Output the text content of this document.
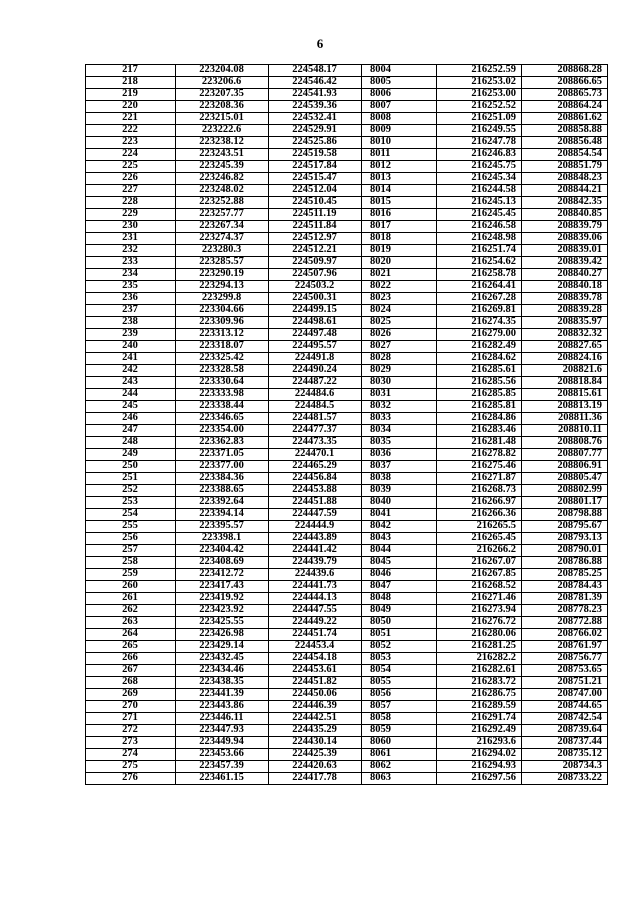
6
217	223204.08	224548.17	8004	216252.59	208868.28
218	223206.6	224546.42	8005	216253.02	208866.65
219	223207.35	224541.93	8006	216253.00	208865.73
220	223208.36	224539.36	8007	216252.52	208864.24
221	223215.01	224532.41	8008	216251.09	208861.62
222	223222.6	224529.91	8009	216249.55	208858.88
223	223238.12	224525.86	8010	216247.78	208856.48
224	223243.51	224519.58	8011	216246.83	208854.54
225	223245.39	224517.84	8012	216245.75	208851.79
226	223246.82	224515.47	8013	216245.34	208848.23
227	223248.02	224512.04	8014	216244.58	208844.21
228	223252.88	224510.45	8015	216245.13	208842.35
229	223257.77	224511.19	8016	216245.45	208840.85
230	223267.34	224511.84	8017	216246.58	208839.79
231	223274.37	224512.97	8018	216248.98	208839.06
232	223280.3	224512.21	8019	216251.74	208839.01
233	223285.57	224509.97	8020	216254.62	208839.42
234	223290.19	224507.96	8021	216258.78	208840.27
235	223294.13	224503.2	8022	216264.41	208840.18
236	223299.8	224500.31	8023	216267.28	208839.78
237	223304.66	224499.15	8024	216269.81	208839.28
238	223309.96	224498.61	8025	216274.35	208835.97
239	223313.12	224497.48	8026	216279.00	208832.32
240	223318.07	224495.57	8027	216282.49	208827.65
241	223325.42	224491.8	8028	216284.62	208824.16
242	223328.58	224490.24	8029	216285.61	208821.6
243	223330.64	224487.22	8030	216285.56	208818.84
244	223333.98	224484.6	8031	216285.85	208815.61
245	223338.44	224484.5	8032	216285.81	208813.19
246	223346.65	224481.57	8033	216284.86	208811.36
247	223354.00	224477.37	8034	216283.46	208810.11
248	223362.83	224473.35	8035	216281.48	208808.76
249	223371.05	224470.1	8036	216278.82	208807.77
250	223377.00	224465.29	8037	216275.46	208806.91
251	223384.36	224456.84	8038	216271.87	208805.47
252	223388.65	224453.88	8039	216268.73	208802.99
253	223392.64	224451.88	8040	216266.97	208801.17
254	223394.14	224447.59	8041	216266.36	208798.88
255	223395.57	224444.9	8042	216265.5	208795.67
256	223398.1	224443.89	8043	216265.45	208793.13
257	223404.42	224441.42	8044	216266.2	208790.01
258	223408.69	224439.79	8045	216267.07	208786.88
259	223412.72	224439.6	8046	216267.85	208785.25
260	223417.43	224441.73	8047	216268.52	208784.43
261	223419.92	224444.13	8048	216271.46	208781.39
262	223423.92	224447.55	8049	216273.94	208778.23
263	223425.55	224449.22	8050	216276.72	208772.88
264	223426.98	224451.74	8051	216280.06	208766.02
265	223429.14	224453.4	8052	216281.25	208761.97
266	223432.45	224454.18	8053	216282.2	208756.77
267	223434.46	224453.61	8054	216282.61	208753.65
268	223438.35	224451.82	8055	216283.72	208751.21
269	223441.39	224450.06	8056	216286.75	208747.00
270	223443.86	224446.39	8057	216289.59	208744.65
271	223446.11	224442.51	8058	216291.74	208742.54
272	223447.93	224435.29	8059	216292.49	208739.64
273	223449.94	224430.14	8060	216293.6	208737.44
274	223453.66	224425.39	8061	216294.02	208735.12
275	223457.39	224420.63	8062	216294.93	208734.3
276	223461.15	224417.78	8063	216297.56	208733.22
